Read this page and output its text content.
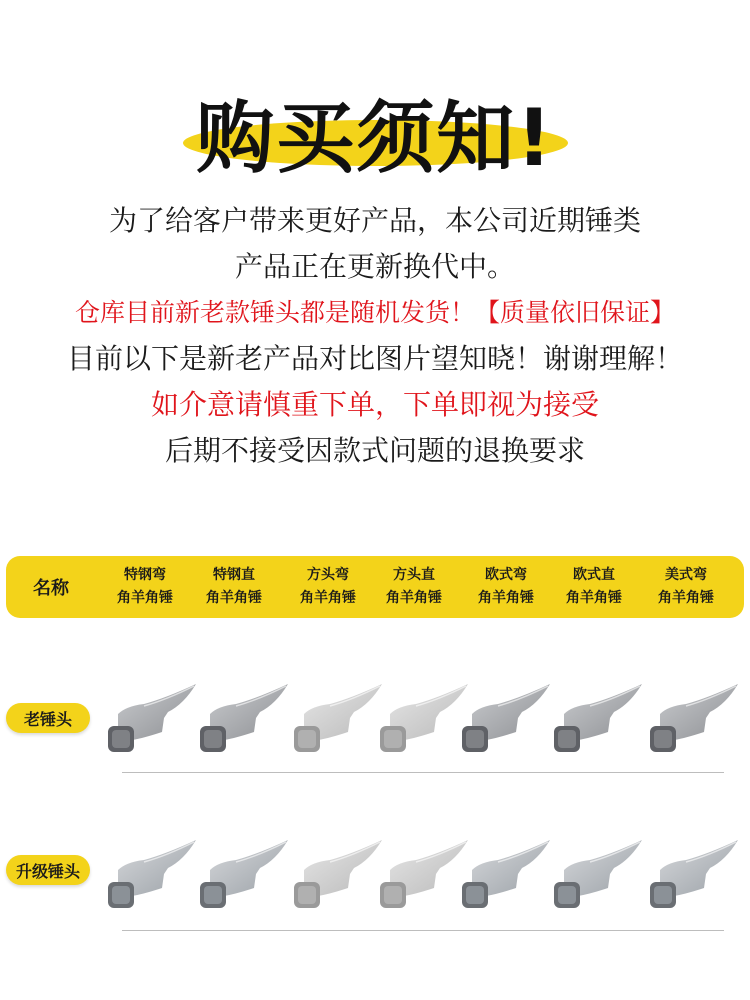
购买须知!
为了给客户带来更好产品，本公司近期锤类
产品正在更新换代中。
仓库目前新老款锤头都是随机发货！【质量依旧保证】
目前以下是新老产品对比图片望知晓！谢谢理解！
如介意请慎重下单，下单即视为接受
后期不接受因款式问题的退换要求
名称
特钢弯
角羊角锤
特钢直
角羊角锤
方头弯
角羊角锤
方头直
角羊角锤
欧式弯
角羊角锤
欧式直
角羊角锤
美式弯
角羊角锤
老锤头
升级锤头
